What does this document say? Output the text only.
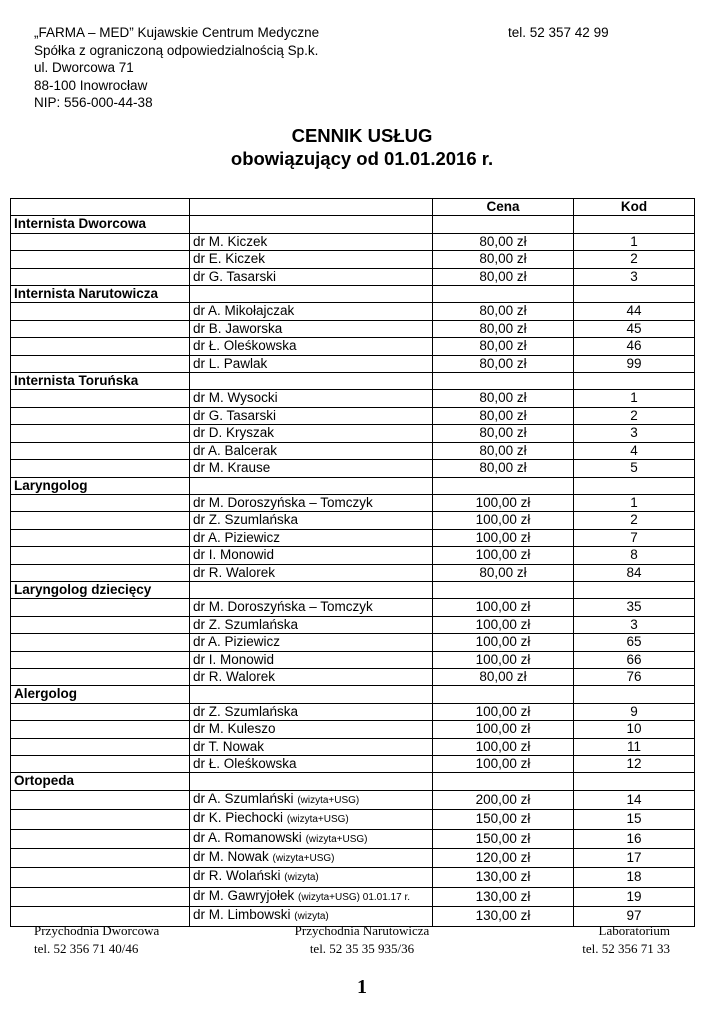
„FARMA – MED” Kujawskie Centrum Medyczne
Spółka z ograniczoną odpowiedzialnością Sp.k.
ul. Dworcowa 71
88-100 Inowrocław
NIP: 556-000-44-38
tel. 52 357 42 99
CENNIK USŁUG
obowiązujący od 01.01.2016 r.
		Cena	Kod
Internista Dworcowa			
	dr M. Kiczek	80,00 zł	1
	dr E. Kiczek	80,00 zł	2
	dr G. Tasarski	80,00 zł	3
Internista Narutowicza			
	dr A. Mikołajczak	80,00 zł	44
	dr B. Jaworska	80,00 zł	45
	dr Ł. Oleśkowska	80,00 zł	46
	dr L. Pawlak	80,00 zł	99
Internista Toruńska			
	dr M. Wysocki	80,00 zł	1
	dr G. Tasarski	80,00 zł	2
	dr D. Kryszak	80,00 zł	3
	dr A. Balcerak	80,00 zł	4
	dr M. Krause	80,00 zł	5
Laryngolog			
	dr M. Doroszyńska – Tomczyk	100,00 zł	1
	dr Z. Szumlańska	100,00 zł	2
	dr A. Piziewicz	100,00 zł	7
	dr I. Monowid	100,00 zł	8
	dr R. Walorek	80,00 zł	84
Laryngolog dziecięcy			
	dr M. Doroszyńska – Tomczyk	100,00 zł	35
	dr Z. Szumlańska	100,00 zł	3
	dr A. Piziewicz	100,00 zł	65
	dr I. Monowid	100,00 zł	66
	dr R. Walorek	80,00 zł	76
Alergolog			
	dr Z. Szumlańska	100,00 zł	9
	dr M. Kuleszo	100,00 zł	10
	dr T. Nowak	100,00 zł	11
	dr Ł. Oleśkowska	100,00 zł	12
Ortopeda			
	dr A. Szumlański (wizyta+USG)	200,00 zł	14
	dr K. Piechocki (wizyta+USG)	150,00 zł	15
	dr A. Romanowski (wizyta+USG)	150,00 zł	16
	dr M. Nowak (wizyta+USG)	120,00 zł	17
	dr R. Wolański (wizyta)	130,00 zł	18
	dr M. Gawryjołek (wizyta+USG) 01.01.17 r.	130,00 zł	19
	dr M. Limbowski (wizyta)	130,00 zł	97
Przychodnia Dworcowa
tel. 52 356 71 40/46
Przychodnia Narutowicza
tel. 52 35 35 935/36
Laboratorium
tel. 52 356 71 33
1
